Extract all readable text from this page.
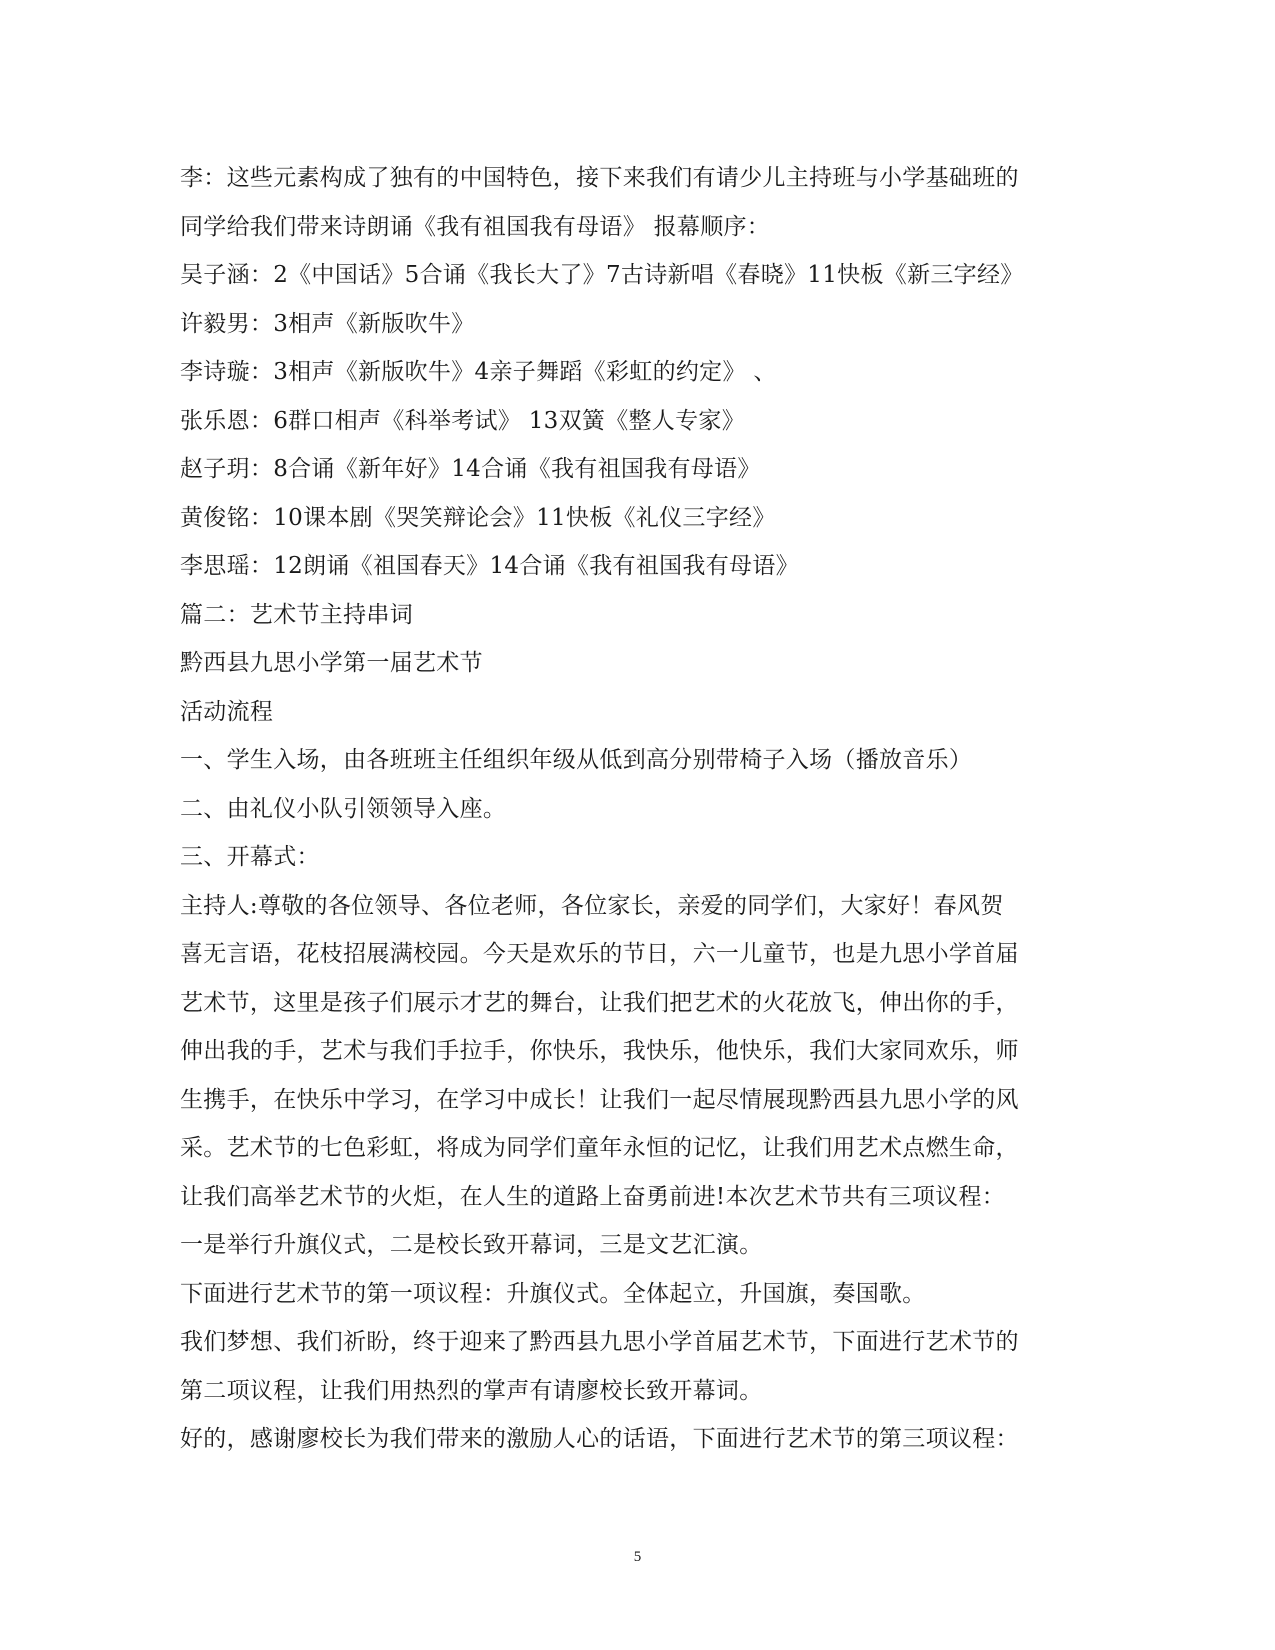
李：这些元素构成了独有的中国特色，接下来我们有请少儿主持班与小学基础班的
同学给我们带来诗朗诵《我有祖国我有母语》 报幕顺序：
吴子涵：2《中国话》5合诵《我长大了》7古诗新唱《春晓》11快板《新三字经》
许毅男：3相声《新版吹牛》
李诗璇：3相声《新版吹牛》4亲子舞蹈《彩虹的约定》 、
张乐恩：6群口相声《科举考试》 13双簧《整人专家》
赵子玥：8合诵《新年好》14合诵《我有祖国我有母语》
黄俊铭：10课本剧《哭笑辩论会》11快板《礼仪三字经》
李思瑶：12朗诵《祖国春天》14合诵《我有祖国我有母语》
篇二：艺术节主持串词
黔西县九思小学第一届艺术节
活动流程
一、学生入场，由各班班主任组织年级从低到高分别带椅子入场（播放音乐）
二、由礼仪小队引领领导入座。
三、开幕式：
主持人:尊敬的各位领导、各位老师，各位家长，亲爱的同学们，大家好！春风贺
喜无言语，花枝招展满校园。今天是欢乐的节日，六一儿童节，也是九思小学首届
艺术节，这里是孩子们展示才艺的舞台，让我们把艺术的火花放飞，伸出你的手，
伸出我的手，艺术与我们手拉手，你快乐，我快乐，他快乐，我们大家同欢乐，师
生携手，在快乐中学习，在学习中成长！让我们一起尽情展现黔西县九思小学的风
采。艺术节的七色彩虹，将成为同学们童年永恒的记忆，让我们用艺术点燃生命，
让我们高举艺术节的火炬，在人生的道路上奋勇前进!本次艺术节共有三项议程：
一是举行升旗仪式，二是校长致开幕词，三是文艺汇演。
下面进行艺术节的第一项议程：升旗仪式。全体起立，升国旗，奏国歌。
我们梦想、我们祈盼，终于迎来了黔西县九思小学首届艺术节，下面进行艺术节的
第二项议程，让我们用热烈的掌声有请廖校长致开幕词。
好的，感谢廖校长为我们带来的激励人心的话语，下面进行艺术节的第三项议程：
5
